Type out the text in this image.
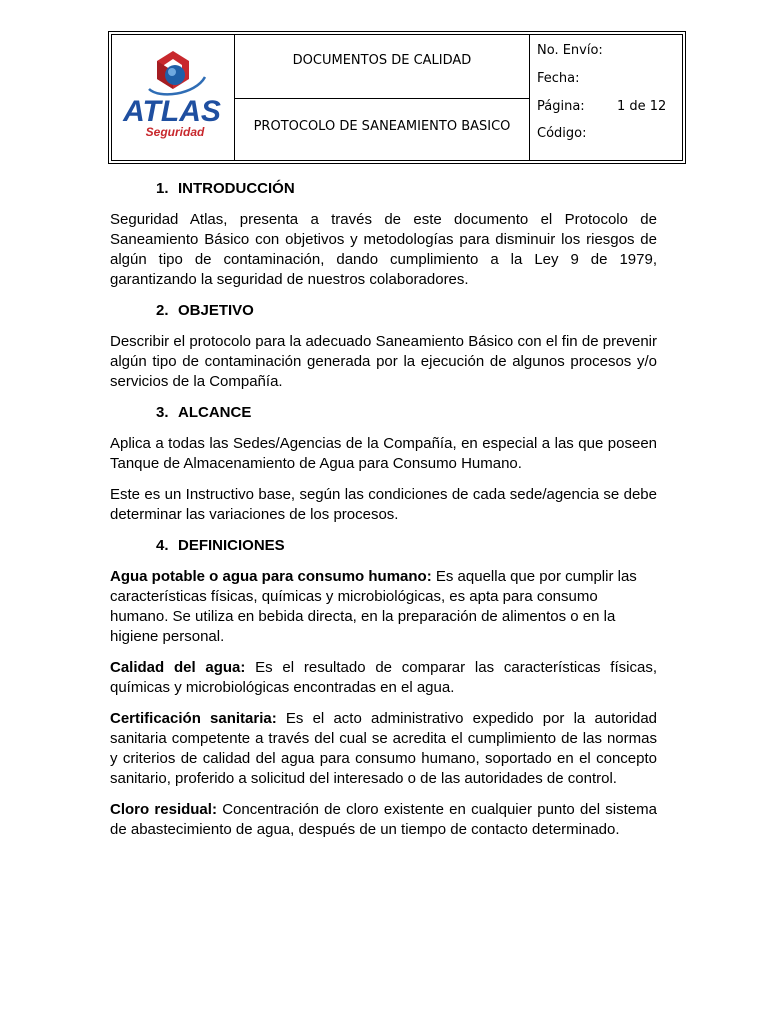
ATLAS
Seguridad
DOCUMENTOS DE CALIDAD
PROTOCOLO DE SANEAMIENTO BASICO
No. Envío:
Fecha:
Página: 1 de 12
Código:
1. INTRODUCCIÓN

Seguridad Atlas, presenta a través de este documento el Protocolo de Saneamiento Básico con objetivos y metodologías para disminuir los riesgos de algún tipo de contaminación, dando cumplimiento a la Ley 9 de 1979, garantizando la seguridad de nuestros colaboradores.

2. OBJETIVO

Describir el protocolo para la adecuado Saneamiento Básico con el fin de prevenir algún tipo de contaminación generada por la ejecución de algunos procesos y/o servicios de la Compañía.

3. ALCANCE

Aplica a todas las Sedes/Agencias de la Compañía, en especial a las que poseen Tanque de Almacenamiento de Agua para Consumo Humano.

Este es un Instructivo base, según las condiciones de cada sede/agencia se debe determinar las variaciones de los procesos.

4. DEFINICIONES

Agua potable o agua para consumo humano: Es aquella que por cumplir las características físicas, químicas y microbiológicas, es apta para consumo humano. Se utiliza en bebida directa, en la preparación de alimentos o en la higiene personal.

Calidad del agua: Es el resultado de comparar las características físicas, químicas y microbiológicas encontradas en el agua.

Certificación sanitaria: Es el acto administrativo expedido por la autoridad sanitaria competente a través del cual se acredita el cumplimiento de las normas y criterios de calidad del agua para consumo humano, soportado en el concepto sanitario, proferido a solicitud del interesado o de las autoridades de control.

Cloro residual: Concentración de cloro existente en cualquier punto del sistema de abastecimiento de agua, después de un tiempo de contacto determinado.
